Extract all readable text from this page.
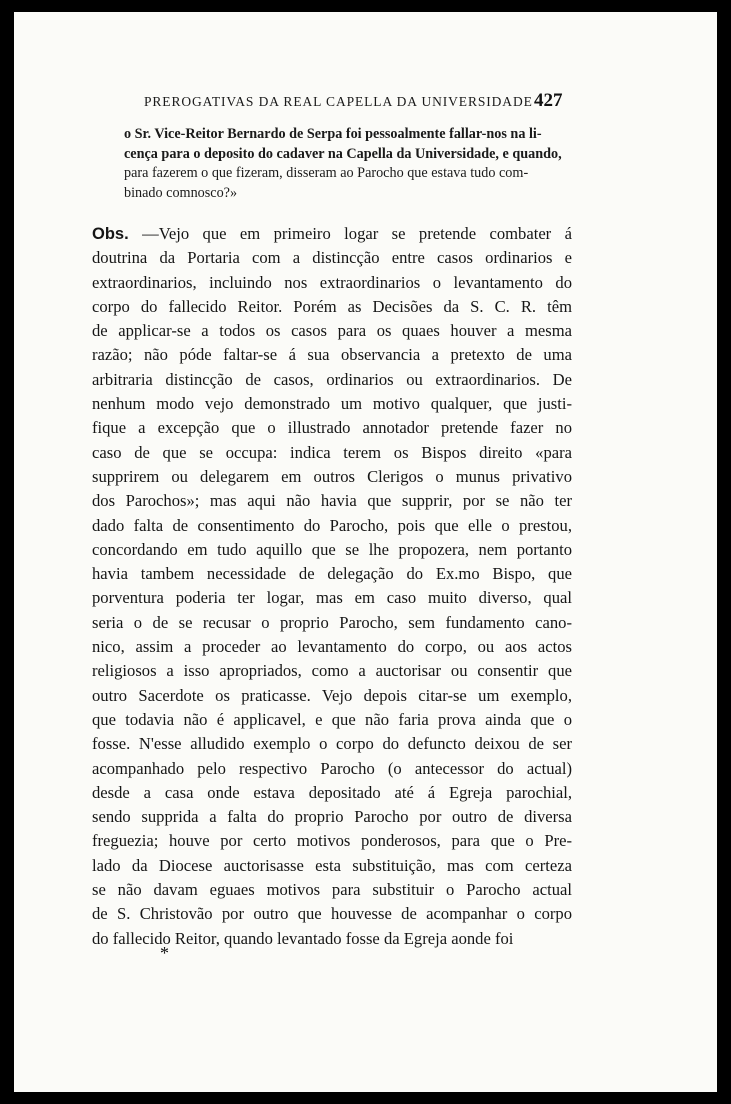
PREROGATIVAS DA REAL CAPELLA DA UNIVERSIDADE 427
o Sr. Vice-Reitor Bernardo de Serpa foi pessoalmente fallar-nos na li-
cença para o deposito do cadaver na Capella da Universidade, e quando,
para fazerem o que fizeram, disseram ao Parocho que estava tudo com-
binado comnosco?»
Obs. —Vejo que em primeiro logar se pretende combater á
doutrina da Portaria com a distincção entre casos ordinarios e
extraordinarios, incluindo nos extraordinarios o levantamento do
corpo do fallecido Reitor. Porém as Decisões da S. C. R. têm
de applicar-se a todos os casos para os quaes houver a mesma
razão; não póde faltar-se á sua observancia a pretexto de uma
arbitraria distincção de casos, ordinarios ou extraordinarios. De
nenhum modo vejo demonstrado um motivo qualquer, que justi-
fique a excepção que o illustrado annotador pretende fazer no
caso de que se occupa: indica terem os Bispos direito «para
supprirem ou delegarem em outros Clerigos o munus privativo
dos Parochos»; mas aqui não havia que supprir, por se não ter
dado falta de consentimento do Parocho, pois que elle o prestou,
concordando em tudo aquillo que se lhe propozera, nem portanto
havia tambem necessidade de delegação do Ex.mo Bispo, que
porventura poderia ter logar, mas em caso muito diverso, qual
seria o de se recusar o proprio Parocho, sem fundamento cano-
nico, assim a proceder ao levantamento do corpo, ou aos actos
religiosos a isso apropriados, como a auctorisar ou consentir que
outro Sacerdote os praticasse. Vejo depois citar-se um exemplo,
que todavia não é applicavel, e que não faria prova ainda que o
fosse. N'esse alludido exemplo o corpo do defuncto deixou de ser
acompanhado pelo respectivo Parocho (o antecessor do actual)
desde a casa onde estava depositado até á Egreja parochial,
sendo supprida a falta do proprio Parocho por outro de diversa
freguezia; houve por certo motivos ponderosos, para que o Pre-
lado da Diocese auctorisasse esta substituição, mas com certeza
se não davam eguaes motivos para substituir o Parocho actual
de S. Christovão por outro que houvesse de acompanhar o corpo
do fallecido Reitor, quando levantado fosse da Egreja aonde foi
*
